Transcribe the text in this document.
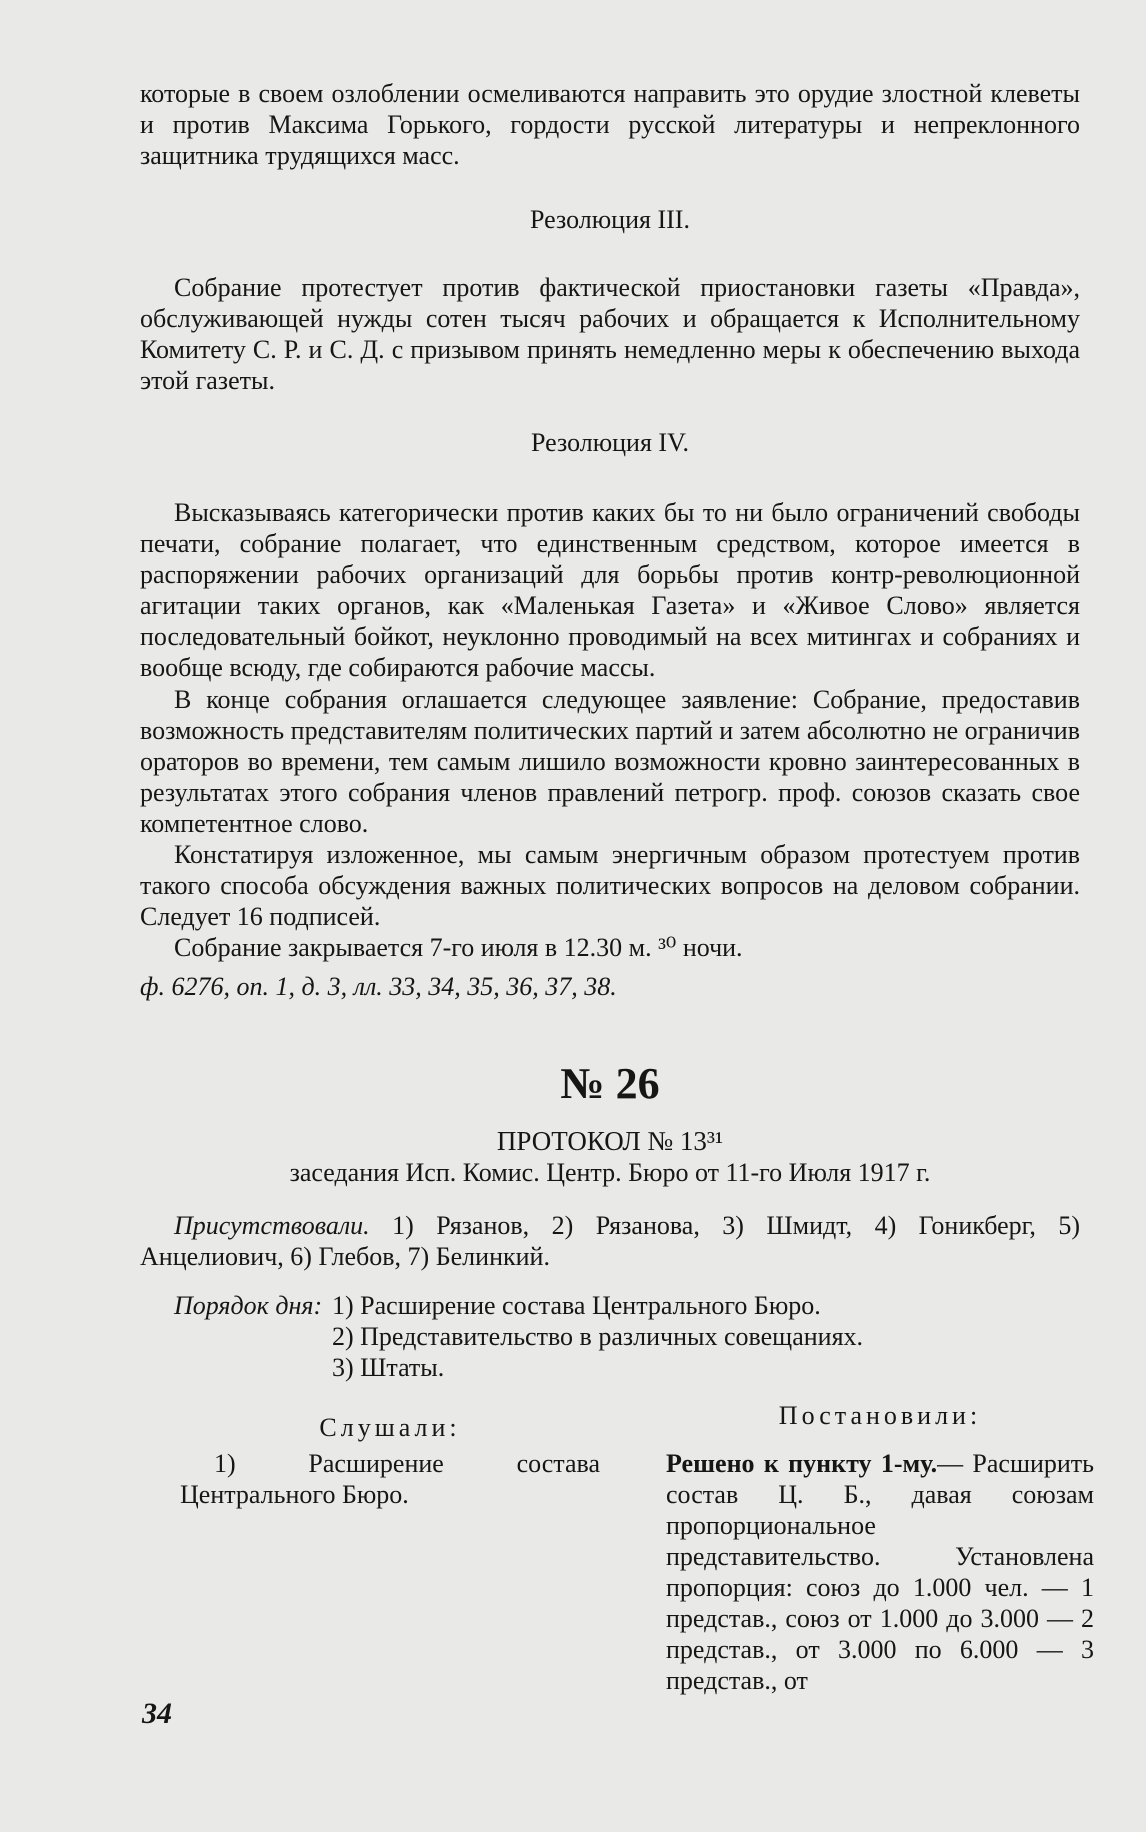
которые в своем озлоблении осмеливаются направить это орудие злостной клеветы и против Максима Горького, гордости русской литературы и непреклонного защитника трудящихся масс.

Резолюция III.

Собрание протестует против фактической приостановки газеты «Правда», обслуживающей нужды сотен тысяч рабочих и обращается к Исполнительному Комитету С. Р. и С. Д. с призывом принять немедленно меры к обеспечению выхода этой газеты.

Резолюция IV.

Высказываясь категорически против каких бы то ни было ограничений свободы печати, собрание полагает, что единственным средством, которое имеется в распоряжении рабочих организаций для борьбы против контр-революционной агитации таких органов, как «Маленькая Газета» и «Живое Слово» является последовательный бойкот, неуклонно проводимый на всех митингах и собраниях и вообще всюду, где собираются рабочие массы.

В конце собрания оглашается следующее заявление: Собрание, предоставив возможность представителям политических партий и затем абсолютно не ограничив ораторов во времени, тем самым лишило возможности кровно заинтересованных в результатах этого собрания членов правлений петрогр. проф. союзов сказать свое компетентное слово.

Констатируя изложенное, мы самым энергичным образом протестуем против такого способа обсуждения важных политических вопросов на деловом собрании. Следует 16 подписей.

Собрание закрывается 7-го июля в 12.30 м. ³⁰ ночи.

ф. 6276, оп. 1, д. 3, лл. 33, 34, 35, 36, 37, 38.

№ 26
ПРОТОКОЛ № 13³¹
заседания Исп. Комис. Центр. Бюро от 11-го Июля 1917 г.

Присутствовали. 1) Рязанов, 2) Рязанова, 3) Шмидт, 4) Гоникберг, 5) Анцелиович, 6) Глебов, 7) Белинкий.

Порядок дня: 1) Расширение состава Центрального Бюро.
2) Представительство в различных совещаниях.
3) Штаты.
Слушали:	Постановили:

1) Расширение состава Центрального Бюро.

Решено к пункту 1-му.— Расширить состав Ц. Б., давая союзам пропорциональное представительство. Установлена пропорция: союз до 1.000 чел. — 1 представ., союз от 1.000 до 3.000 — 2 представ., от 3.000 по 6.000 — 3 представ., от

34
